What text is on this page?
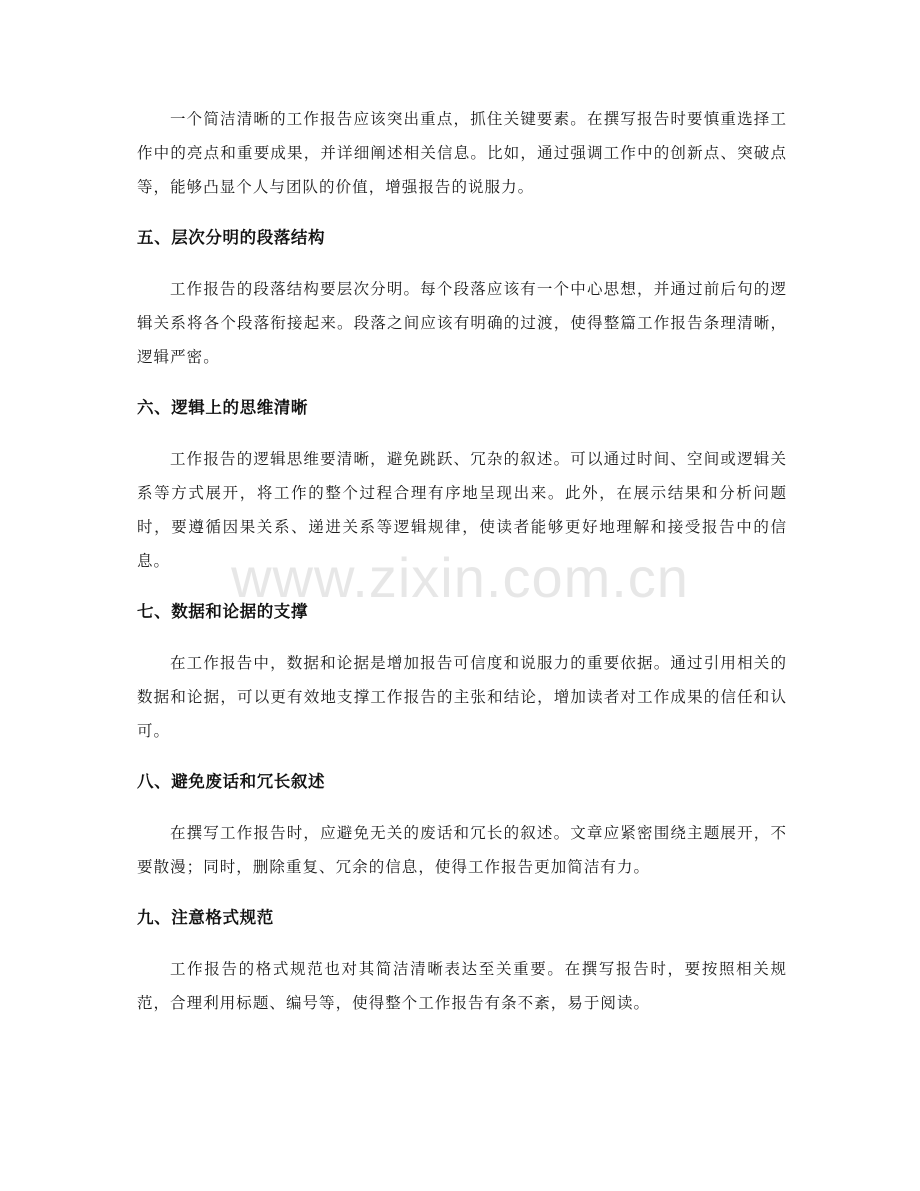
一个简洁清晰的工作报告应该突出重点，抓住关键要素。在撰写报告时要慎重选择工作中的亮点和重要成果，并详细阐述相关信息。比如，通过强调工作中的创新点、突破点等，能够凸显个人与团队的价值，增强报告的说服力。

五、层次分明的段落结构

工作报告的段落结构要层次分明。每个段落应该有一个中心思想，并通过前后句的逻辑关系将各个段落衔接起来。段落之间应该有明确的过渡，使得整篇工作报告条理清晰，逻辑严密。

六、逻辑上的思维清晰

工作报告的逻辑思维要清晰，避免跳跃、冗杂的叙述。可以通过时间、空间或逻辑关系等方式展开，将工作的整个过程合理有序地呈现出来。此外，在展示结果和分析问题时，要遵循因果关系、递进关系等逻辑规律，使读者能够更好地理解和接受报告中的信息。

七、数据和论据的支撑

在工作报告中，数据和论据是增加报告可信度和说服力的重要依据。通过引用相关的数据和论据，可以更有效地支撑工作报告的主张和结论，增加读者对工作成果的信任和认可。

八、避免废话和冗长叙述

在撰写工作报告时，应避免无关的废话和冗长的叙述。文章应紧密围绕主题展开，不要散漫；同时，删除重复、冗余的信息，使得工作报告更加简洁有力。

九、注意格式规范

工作报告的格式规范也对其简洁清晰表达至关重要。在撰写报告时，要按照相关规范，合理利用标题、编号等，使得整个工作报告有条不紊，易于阅读。

www.zixin.com.cn
